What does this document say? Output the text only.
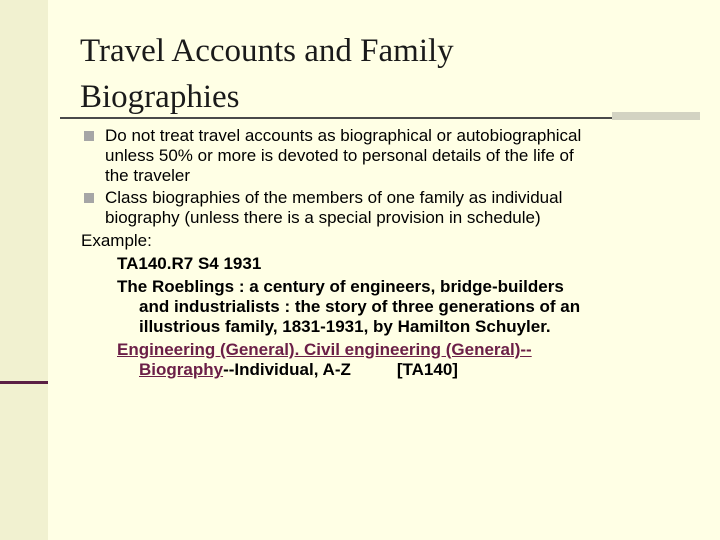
Travel Accounts and Family
Biographies
Do not treat travel accounts as biographical or autobiographical
unless 50% or more is devoted to personal details of the life of
the traveler
Class biographies of the members of one family as individual
biography (unless there is a special provision in schedule)
Example:
TA140.R7 S4 1931
The Roeblings : a century of engineers, bridge-builders
and industrialists : the story of three generations of an
illustrious family, 1831-1931, by Hamilton Schuyler.
Engineering (General). Civil engineering (General)--
Biography--Individual, A-Z	[TA140]
